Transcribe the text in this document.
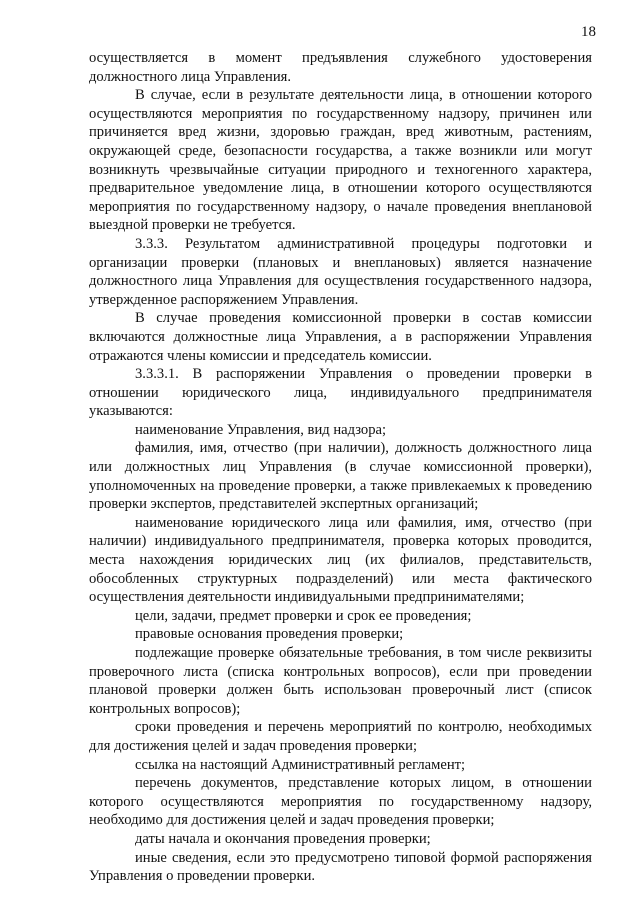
18

осуществляется в момент предъявления служебного удостоверения должностного лица Управления.

В случае, если в результате деятельности лица, в отношении которого осуществляются мероприятия по государственному надзору, причинен или причиняется вред жизни, здоровью граждан, вред животным, растениям, окружающей среде, безопасности государства, а также возникли или могут возникнуть чрезвычайные ситуации природного и техногенного характера, предварительное уведомление лица, в отношении которого осуществляются мероприятия по государственному надзору, о начале проведения внеплановой выездной проверки не требуется.

3.3.3. Результатом административной процедуры подготовки и организации проверки (плановых и внеплановых) является назначение должностного лица Управления для осуществления государственного надзора, утвержденное распоряжением Управления.

В случае проведения комиссионной проверки в состав комиссии включаются должностные лица Управления, а в распоряжении Управления отражаются члены комиссии и председатель комиссии.

3.3.3.1. В распоряжении Управления о проведении проверки в отношении юридического лица, индивидуального предпринимателя указываются:

наименование Управления, вид надзора;

фамилия, имя, отчество (при наличии), должность должностного лица или должностных лиц Управления (в случае комиссионной проверки), уполномоченных на проведение проверки, а также привлекаемых к проведению проверки экспертов, представителей экспертных организаций;

наименование юридического лица или фамилия, имя, отчество (при наличии) индивидуального предпринимателя, проверка которых проводится, места нахождения юридических лиц (их филиалов, представительств, обособленных структурных подразделений) или места фактического осуществления деятельности индивидуальными предпринимателями;

цели, задачи, предмет проверки и срок ее проведения;

правовые основания проведения проверки;

подлежащие проверке обязательные требования, в том числе реквизиты проверочного листа (списка контрольных вопросов), если при проведении плановой проверки должен быть использован проверочный лист (список контрольных вопросов);

сроки проведения и перечень мероприятий по контролю, необходимых для достижения целей и задач проведения проверки;

ссылка на настоящий Административный регламент;

перечень документов, представление которых лицом, в отношении которого осуществляются мероприятия по государственному надзору, необходимо для достижения целей и задач проведения проверки;

даты начала и окончания проведения проверки;

иные сведения, если это предусмотрено типовой формой распоряжения Управления о проведении проверки.
